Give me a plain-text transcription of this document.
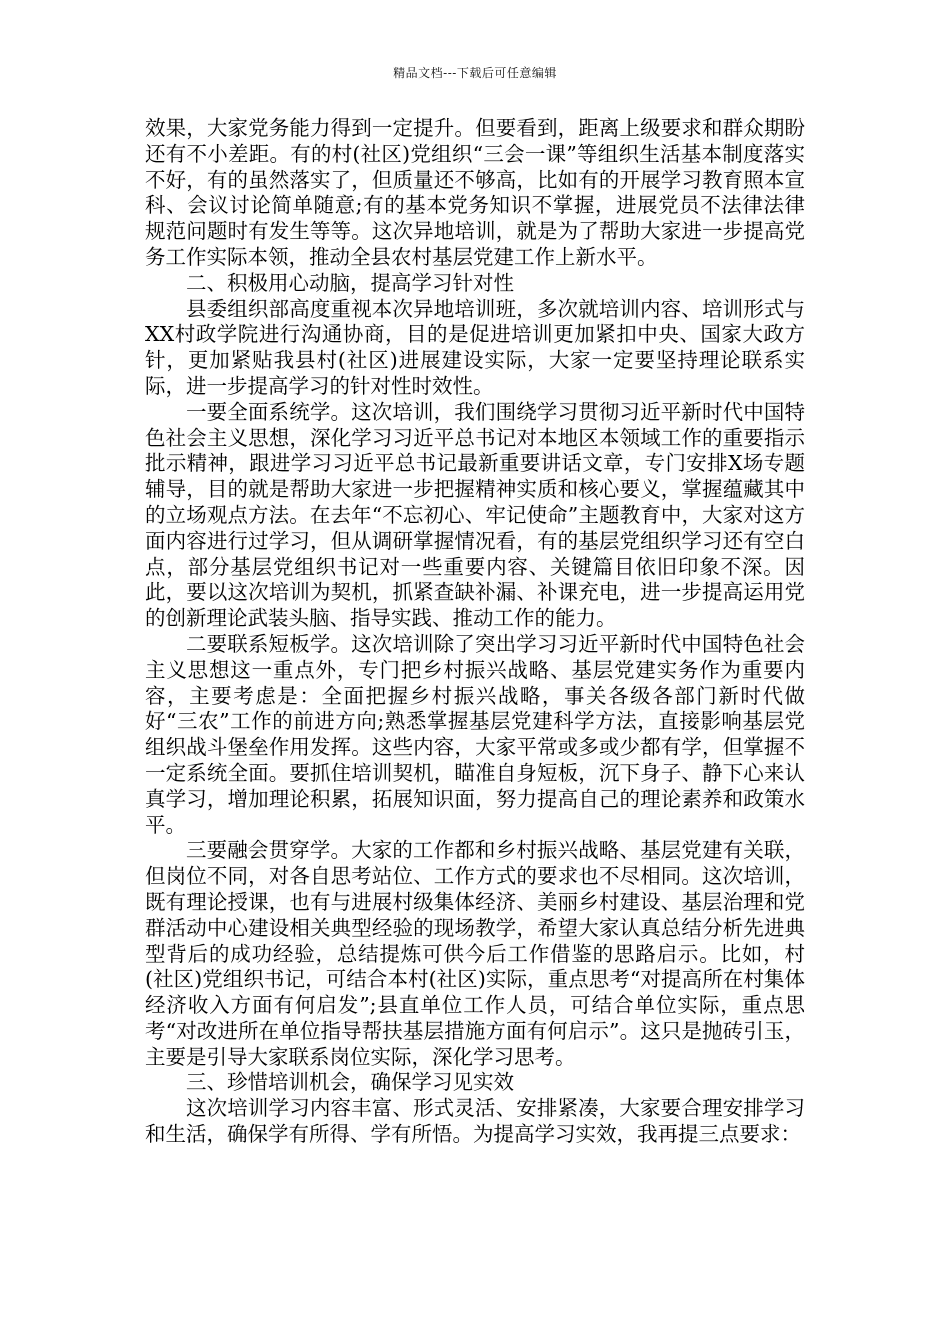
精品文档---下载后可任意编辑

效果，大家党务能力得到一定提升。但要看到，距离上级要求和群众期盼还有不小差距。有的村(社区)党组织“三会一课”等组织生活基本制度落实不好，有的虽然落实了，但质量还不够高，比如有的开展学习教育照本宣科、会议讨论简单随意;有的基本党务知识不掌握，进展党员不法律法律规范问题时有发生等等。这次异地培训，就是为了帮助大家进一步提高党务工作实际本领，推动全县农村基层党建工作上新水平。

二、积极用心动脑，提高学习针对性

县委组织部高度重视本次异地培训班，多次就培训内容、培训形式与XX村政学院进行沟通协商，目的是促进培训更加紧扣中央、国家大政方针，更加紧贴我县村(社区)进展建设实际，大家一定要坚持理论联系实际，进一步提高学习的针对性时效性。

一要全面系统学。这次培训，我们围绕学习贯彻习近平新时代中国特色社会主义思想，深化学习习近平总书记对本地区本领域工作的重要指示批示精神，跟进学习习近平总书记最新重要讲话文章，专门安排X场专题辅导，目的就是帮助大家进一步把握精神实质和核心要义，掌握蕴藏其中的立场观点方法。在去年“不忘初心、牢记使命”主题教育中，大家对这方面内容进行过学习，但从调研掌握情况看，有的基层党组织学习还有空白点，部分基层党组织书记对一些重要内容、关键篇目依旧印象不深。因此，要以这次培训为契机，抓紧查缺补漏、补课充电，进一步提高运用党的创新理论武装头脑、指导实践、推动工作的能力。

二要联系短板学。这次培训除了突出学习习近平新时代中国特色社会主义思想这一重点外，专门把乡村振兴战略、基层党建实务作为重要内容，主要考虑是：全面把握乡村振兴战略，事关各级各部门新时代做好“三农”工作的前进方向;熟悉掌握基层党建科学方法，直接影响基层党组织战斗堡垒作用发挥。这些内容，大家平常或多或少都有学，但掌握不一定系统全面。要抓住培训契机，瞄准自身短板，沉下身子、静下心来认真学习，增加理论积累，拓展知识面，努力提高自己的理论素养和政策水平。

三要融会贯穿学。大家的工作都和乡村振兴战略、基层党建有关联，但岗位不同，对各自思考站位、工作方式的要求也不尽相同。这次培训，既有理论授课，也有与进展村级集体经济、美丽乡村建设、基层治理和党群活动中心建设相关典型经验的现场教学，希望大家认真总结分析先进典型背后的成功经验，总结提炼可供今后工作借鉴的思路启示。比如，村(社区)党组织书记，可结合本村(社区)实际，重点思考“对提高所在村集体经济收入方面有何启发”;县直单位工作人员，可结合单位实际，重点思考“对改进所在单位指导帮扶基层措施方面有何启示”。这只是抛砖引玉，主要是引导大家联系岗位实际，深化学习思考。

三、珍惜培训机会，确保学习见实效

这次培训学习内容丰富、形式灵活、安排紧凑，大家要合理安排学习和生活，确保学有所得、学有所悟。为提高学习实效，我再提三点要求：
